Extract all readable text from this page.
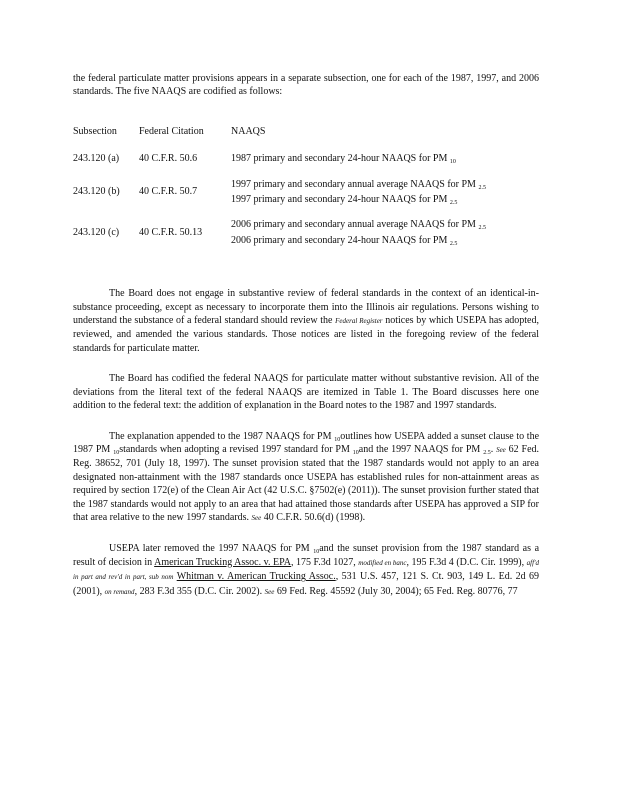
the federal particulate matter provisions appears in a separate subsection, one for each of the 1987, 1997, and 2006 standards. The five NAAQS are codified as follows:

Subsection	Federal Citation	NAAQS
243.120 (a)	40 C.F.R. 50.6	1987 primary and secondary 24-hour NAAQS for PM $_{10}$

243.120 (b)	40 C.F.R. 50.7	1997 primary and secondary annual average NAAQS for PM $_{2.5}$
1997 primary and secondary 24-hour NAAQS for PM $_{2.5}$

243.120 (c)	40 C.F.R. 50.13	2006 primary and secondary annual average NAAQS for PM $_{2.5}$
2006 primary and secondary 24-hour NAAQS for PM $_{2.5}$

The Board does not engage in substantive review of federal standards in the context of an identical-in-substance proceeding, except as necessary to incorporate them into the Illinois air regulations. Persons wishing to understand the substance of a federal standard should review the Federal Register notices by which USEPA has adopted, reviewed, and amended the various standards. Those notices are listed in the foregoing review of the federal standards for particulate matter.

The Board has codified the federal NAAQS for particulate matter without substantive revision. All of the deviations from the literal text of the federal NAAQS are itemized in Table 1. The Board discusses here one addition to the federal text: the addition of explanation in the Board notes to the 1987 and 1997 standards.

The explanation appended to the 1987 NAAQS for PM $_{10}$outlines how USEPA added a sunset clause to the 1987 PM $_{10}$standards when adopting a revised 1997 standard for PM $_{10}$and the 1997 NAAQS for PM $_{2.5}$. See 62 Fed. Reg. 38652, 701 (July 18, 1997). The sunset provision stated that the 1987 standards would not apply to an area designated non-attainment with the 1987 standards once USEPA has established rules for non-attainment areas as required by section 172(e) of the Clean Air Act (42 U.S.C. §7502(e) (2011)). The sunset provision further stated that the 1987 standards would not apply to an area that had attained those standards after USEPA has approved a SIP for that area relative to the new 1997 standards. See 40 C.F.R. 50.6(d) (1998).

USEPA later removed the 1997 NAAQS for PM $_{10}$and the sunset provision from the 1987 standard as a result of decision in American Trucking Assoc. v. EPA, 175 F.3d 1027, modified en banc, 195 F.3d 4 (D.C. Cir. 1999), aff'd in part and rev'd in part, sub nom Whitman v. American Trucking Assoc., 531 U.S. 457, 121 S. Ct. 903, 149 L. Ed. 2d 69 (2001), on remand, 283 F.3d 355 (D.C. Cir. 2002). See 69 Fed. Reg. 45592 (July 30, 2004); 65 Fed. Reg. 80776, 77
